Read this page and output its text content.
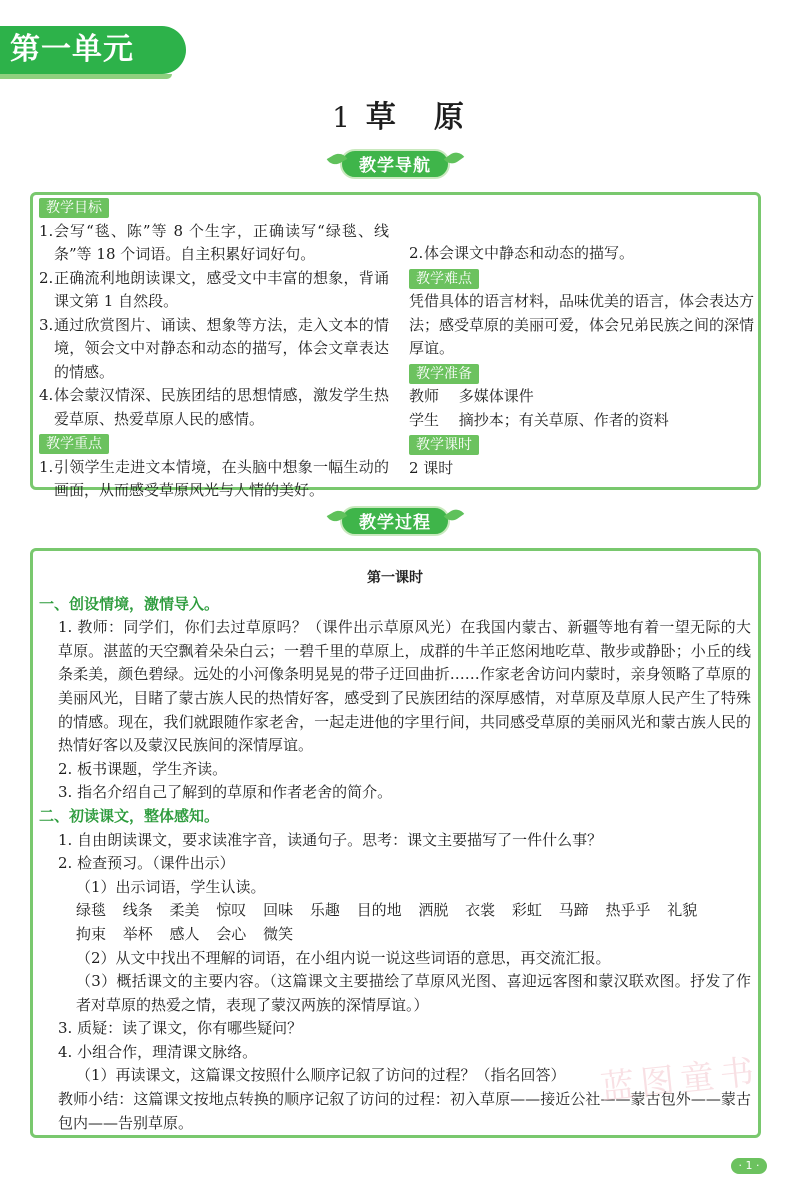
第一单元
1 草 原
教学导航
教学目标
1. 会写“毯、陈”等 8 个生字，正确读写“绿毯、线条”等 18 个词语。自主积累好词好句。
2. 正确流利地朗读课文，感受文中丰富的想象，背诵课文第 1 自然段。
3. 通过欣赏图片、诵读、想象等方法，走入文本的情境，领会文中对静态和动态的描写，体会文章表达的情感。
4. 体会蒙汉情深、民族团结的思想情感，激发学生热爱草原、热爱草原人民的感情。
教学重点
1. 引领学生走进文本情境，在头脑中想象一幅生动的画面，从而感受草原风光与人情的美好。
2. 体会课文中静态和动态的描写。
教学难点
凭借具体的语言材料，品味优美的语言，体会表达方法；感受草原的美丽可爱，体会兄弟民族之间的深情厚谊。
教学准备
教师　 多媒体课件
学生　 摘抄本；有关草原、作者的资料
教学课时
2 课时
教学过程
第一课时
一、创设情境，激情导入。
1. 教师：同学们，你们去过草原吗？（课件出示草原风光）在我国内蒙古、新疆等地有着一望无际的大草原。湛蓝的天空飘着朵朵白云；一碧千里的草原上，成群的牛羊正悠闲地吃草、散步或静卧；小丘的线条柔美，颜色碧绿。远处的小河像条明晃晃的带子迂回曲折……作家老舍访问内蒙时，亲身领略了草原的美丽风光，目睹了蒙古族人民的热情好客，感受到了民族团结的深厚感情，对草原及草原人民产生了特殊的情感。现在，我们就跟随作家老舍，一起走进他的字里行间，共同感受草原的美丽风光和蒙古族人民的热情好客以及蒙汉民族间的深情厚谊。
2. 板书课题，学生齐读。
3. 指名介绍自己了解到的草原和作者老舍的简介。
二、初读课文，整体感知。
1. 自由朗读课文，要求读准字音，读通句子。思考：课文主要描写了一件什么事？
2. 检查预习。（课件出示）
（1）出示词语，学生认读。
绿毯 线条 柔美 惊叹 回味 乐趣 目的地 洒脱 衣裳 彩虹 马蹄 热乎乎 礼貌
拘束 举杯 感人 会心 微笑
（2）从文中找出不理解的词语，在小组内说一说这些词语的意思，再交流汇报。
（3）概括课文的主要内容。（这篇课文主要描绘了草原风光图、喜迎远客图和蒙汉联欢图。抒发了作者对草原的热爱之情，表现了蒙汉两族的深情厚谊。）
3. 质疑：读了课文，你有哪些疑问？
4. 小组合作，理清课文脉络。
（1）再读课文，这篇课文按照什么顺序记叙了访问的过程？（指名回答）
教师小结：这篇课文按地点转换的顺序记叙了访问的过程：初入草原——接近公社——蒙古包外——蒙古包内——告别草原。
蓝图童书
· 1 ·
